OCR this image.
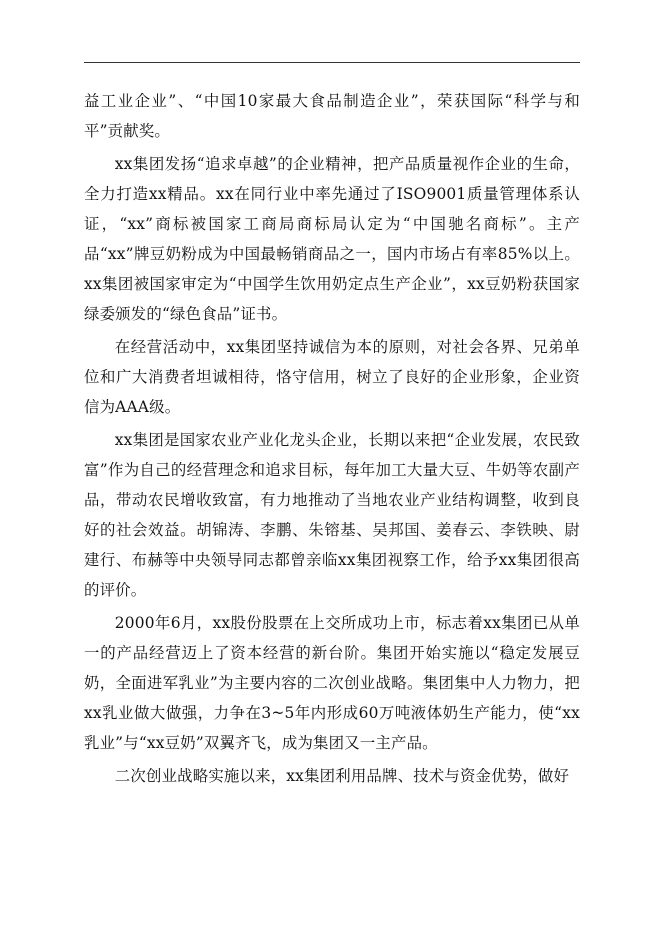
益工业企业”、“中国10家最大食品制造企业”，荣获国际“科学与和平”贡献奖。

xx集团发扬“追求卓越”的企业精神，把产品质量视作企业的生命，全力打造xx精品。xx在同行业中率先通过了ISO9001质量管理体系认证，“xx”商标被国家工商局商标局认定为“中国驰名商标”。主产品“xx”牌豆奶粉成为中国最畅销商品之一，国内市场占有率85%以上。xx集团被国家审定为“中国学生饮用奶定点生产企业”，xx豆奶粉获国家绿委颁发的“绿色食品”证书。

在经营活动中，xx集团坚持诚信为本的原则，对社会各界、兄弟单位和广大消费者坦诚相待，恪守信用，树立了良好的企业形象，企业资信为AAA级。

xx集团是国家农业产业化龙头企业，长期以来把“企业发展，农民致富”作为自己的经营理念和追求目标，每年加工大量大豆、牛奶等农副产品，带动农民增收致富，有力地推动了当地农业产业结构调整，收到良好的社会效益。胡锦涛、李鹏、朱镕基、吴邦国、姜春云、李铁映、尉建行、布赫等中央领导同志都曾亲临xx集团视察工作，给予xx集团很高的评价。

2000年6月，xx股份股票在上交所成功上市，标志着xx集团已从单一的产品经营迈上了资本经营的新台阶。集团开始实施以“稳定发展豆奶，全面进军乳业”为主要内容的二次创业战略。集团集中人力物力，把xx乳业做大做强，力争在3~5年内形成60万吨液体奶生产能力，使“xx乳业”与“xx豆奶”双翼齐飞，成为集团又一主产品。

二次创业战略实施以来，xx集团利用品牌、技术与资金优势，做好
